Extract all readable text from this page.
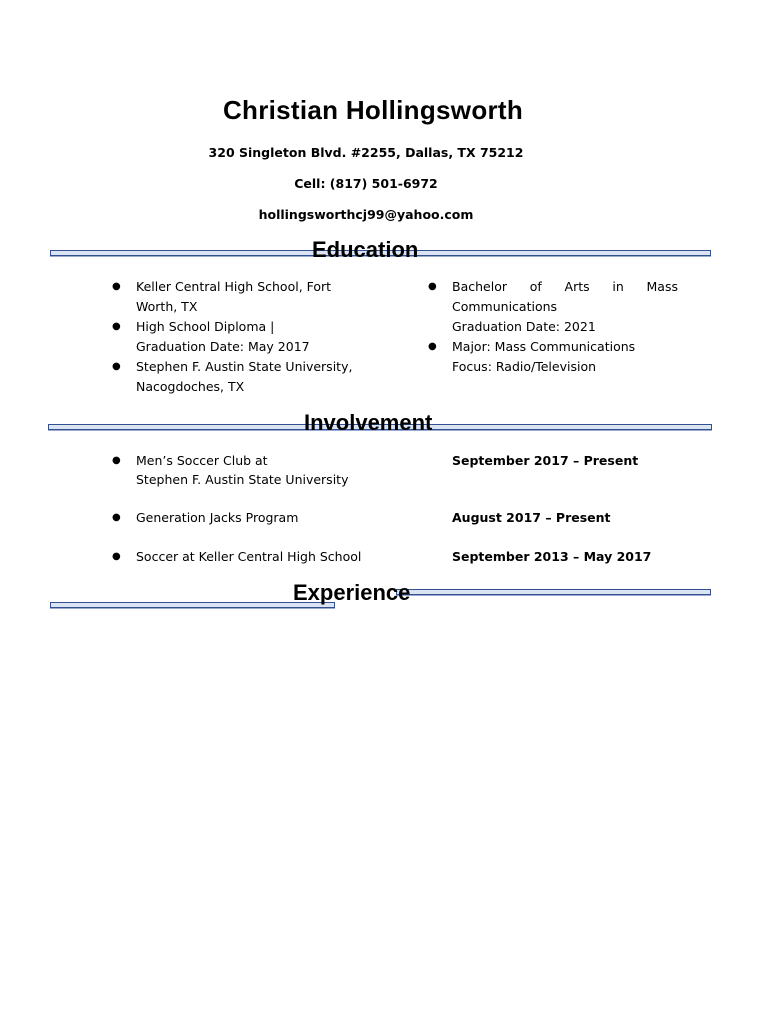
Christian Hollingsworth
320 Singleton Blvd. #2255, Dallas, TX 75212
Cell: (817) 501-6972
hollingsworthcj99@yahoo.com
Education
● Keller Central High School, Fort
Worth, TX
● High School Diploma |
Graduation Date: May 2017
● Stephen F. Austin State University,
Nacogdoches, TX
● Bachelor of Arts in Mass
Communications
Graduation Date: 2021
● Major: Mass Communications
Focus: Radio/Television
Involvement
● Men’s Soccer Club at
Stephen F. Austin State University
September 2017 – Present
● Generation Jacks Program	August 2017 – Present
● Soccer at Keller Central High School	September 2013 – May 2017
Experience
